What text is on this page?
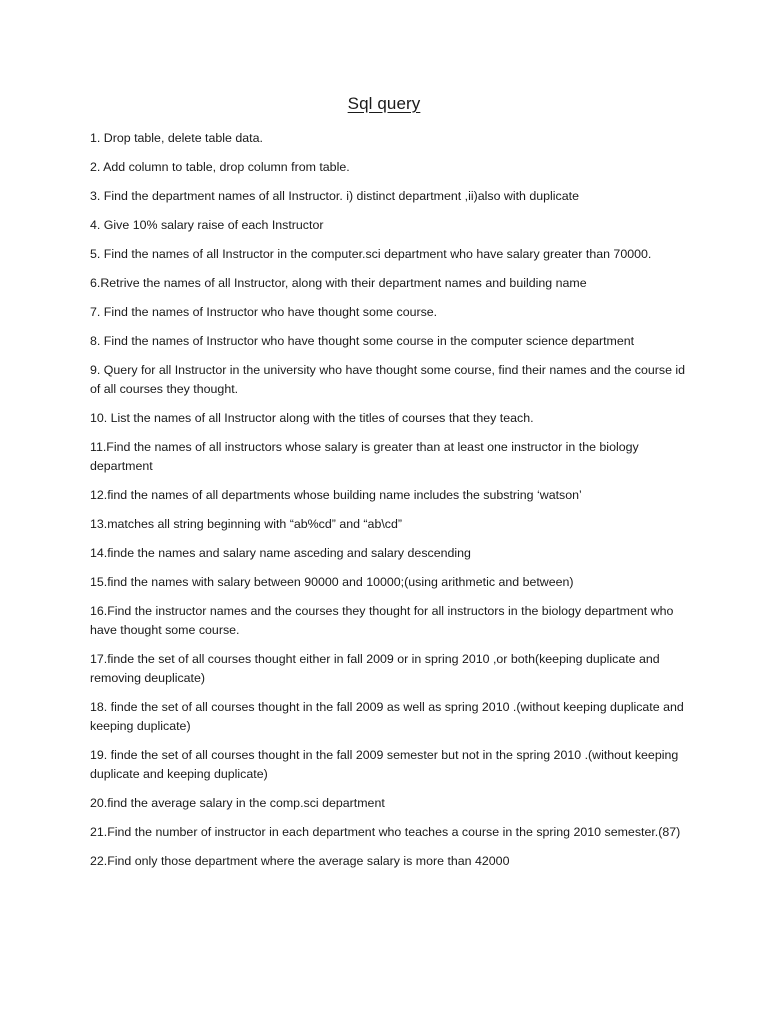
Sql query
1. Drop table, delete table data.
2. Add column to table, drop column from table.
3. Find the department names of all Instructor. i) distinct department ,ii)also with duplicate
4. Give 10% salary raise of each Instructor
5. Find the names of all Instructor in the computer.sci department who have salary greater than 70000.
6.Retrive the names of all Instructor, along with their department names and building name
7. Find the names of Instructor who have thought some course.
8. Find the names of Instructor who have thought some course in the computer science department
9. Query for all Instructor in the university who have thought some course, find their names and the course id of all courses they thought.
10. List the names of all Instructor along with the titles of courses that they teach.
11.Find the names of all instructors whose salary is greater than at least one instructor in the biology department
12.find the names of all departments whose building name includes the substring ‘watson’
13.matches all string beginning with “ab%cd” and “ab\cd”
14.finde the names and salary name asceding and salary descending
15.find the names with salary between 90000 and 10000;(using arithmetic and between)
16.Find the instructor names and the courses they thought for all instructors in the biology department who have thought some course.
17.finde the set of all courses thought either in fall 2009 or in spring 2010 ,or both(keeping duplicate and removing deuplicate)
18. finde the set of all courses thought in the fall 2009 as well as spring 2010 .(without keeping duplicate and keeping duplicate)
19. finde the set of all courses thought in the fall 2009 semester but not in the spring 2010 .(without keeping duplicate and keeping duplicate)
20.find the average salary in the comp.sci department
21.Find the number of instructor in each department who teaches a course in the spring 2010 semester.(87)
22.Find only those department where the average salary is more than 42000
